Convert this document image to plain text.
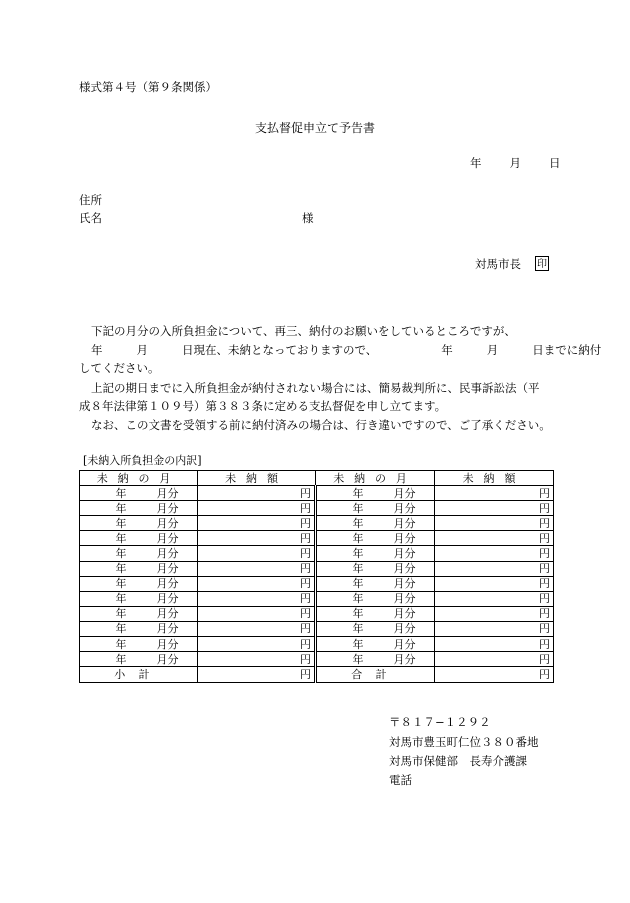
様式第４号（第９条関係）
支払督促申立て予告書
年 月 日
住所
氏名	様
対馬市長 印
下記の月分の入所負担金について、再三、納付のお願いをしているところですが、
年	月	日現在、未納となっておりますので、	年	月	日までに納付
してください。
上記の期日までに入所負担金が納付されない場合には、簡易裁判所に、民事訴訟法（平
成８年法律第１０９号）第３８３条に定める支払督促を申し立てます。
なお、この文書を受領する前に納付済みの場合は、行き違いですので、ご了承ください。
[未納入所負担金の内訳]
未納の月	未納額	未納の月	未納額
年 月分	円	年 月分	円
年 月分	円	年 月分	円
年 月分	円	年 月分	円
年 月分	円	年 月分	円
年 月分	円	年 月分	円
年 月分	円	年 月分	円
年 月分	円	年 月分	円
年 月分	円	年 月分	円
年 月分	円	年 月分	円
年 月分	円	年 月分	円
年 月分	円	年 月分	円
年 月分	円	年 月分	円
小計	円	合計	円
〒８１７−１２９２
対馬市豊玉町仁位３８０番地
対馬市保健部　長寿介護課
電話
